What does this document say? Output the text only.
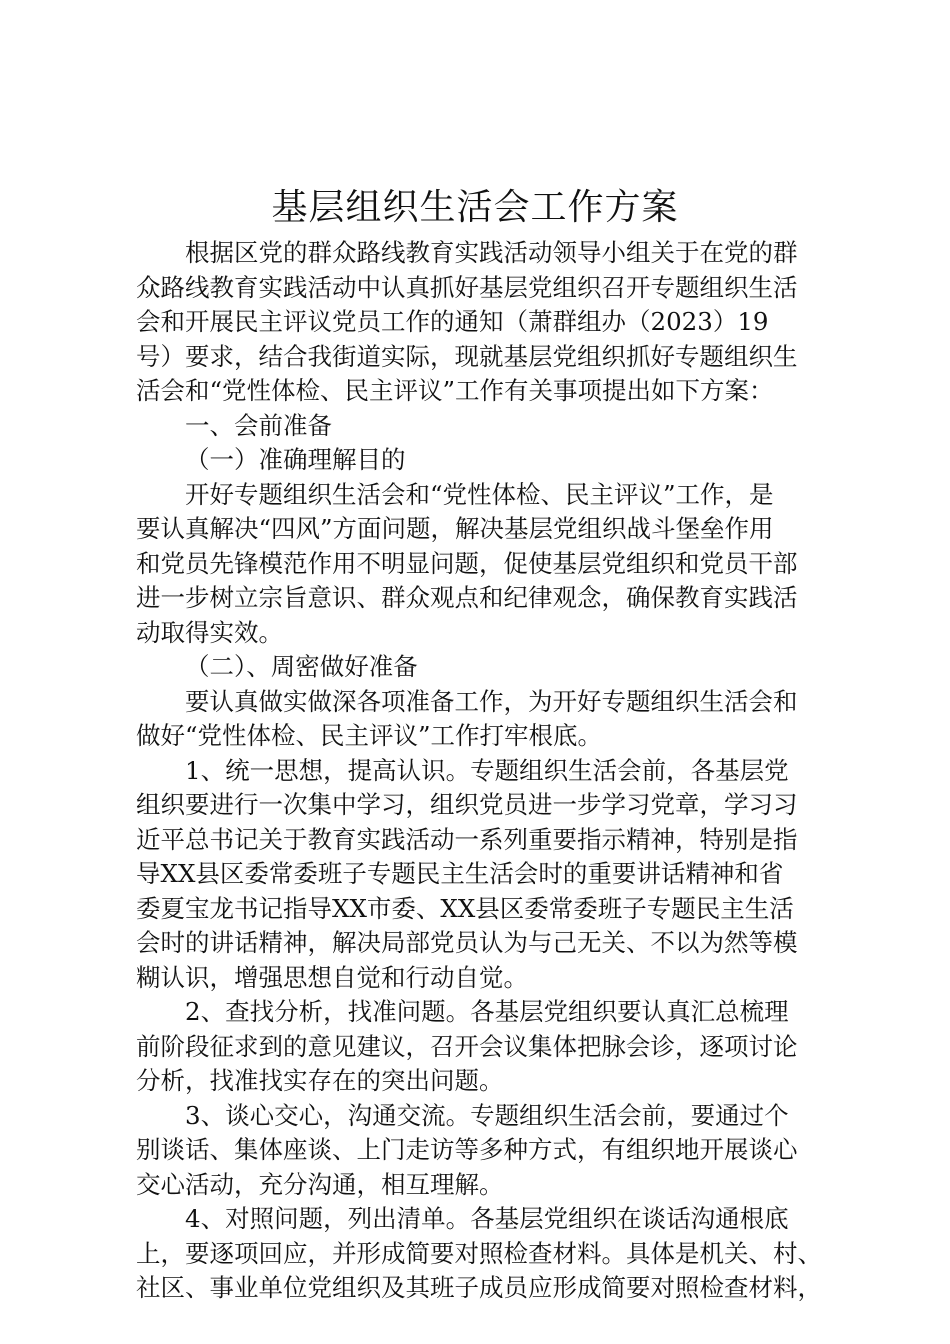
基层组织生活会工作方案
根据区党的群众路线教育实践活动领导小组关于在党的群
众路线教育实践活动中认真抓好基层党组织召开专题组织生活
会和开展民主评议党员工作的通知（萧群组办（2023）19
号）要求，结合我街道实际，现就基层党组织抓好专题组织生
活会和“党性体检、民主评议”工作有关事项提出如下方案：
一、会前准备
（一）准确理解目的
开好专题组织生活会和“党性体检、民主评议”工作，是
要认真解决“四风”方面问题，解决基层党组织战斗堡垒作用
和党员先锋模范作用不明显问题，促使基层党组织和党员干部
进一步树立宗旨意识、群众观点和纪律观念，确保教育实践活
动取得实效。
（二）、周密做好准备
要认真做实做深各项准备工作，为开好专题组织生活会和
做好“党性体检、民主评议”工作打牢根底。
1、统一思想，提高认识。专题组织生活会前，各基层党
组织要进行一次集中学习，组织党员进一步学习党章，学习习
近平总书记关于教育实践活动一系列重要指示精神，特别是指
导XX县区委常委班子专题民主生活会时的重要讲话精神和省
委夏宝龙书记指导XX市委、XX县区委常委班子专题民主生活
会时的讲话精神，解决局部党员认为与己无关、不以为然等模
糊认识，增强思想自觉和行动自觉。
2、查找分析，找准问题。各基层党组织要认真汇总梳理
前阶段征求到的意见建议，召开会议集体把脉会诊，逐项讨论
分析，找准找实存在的突出问题。
3、谈心交心，沟通交流。专题组织生活会前，要通过个
别谈话、集体座谈、上门走访等多种方式，有组织地开展谈心
交心活动，充分沟通，相互理解。
4、对照问题，列出清单。各基层党组织在谈话沟通根底
上，要逐项回应，并形成简要对照检查材料。具体是机关、村、
社区、事业单位党组织及其班子成员应形成简要对照检查材料，
